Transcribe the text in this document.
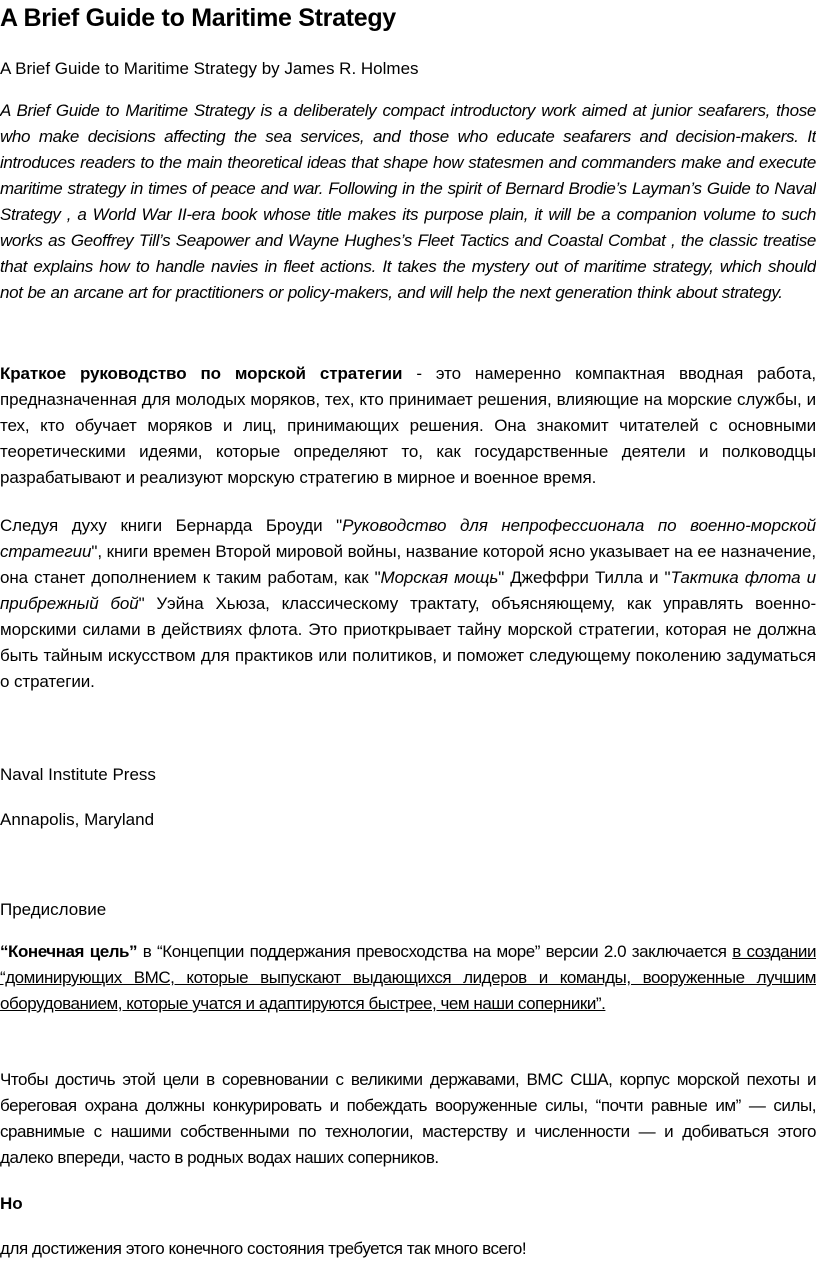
A Brief Guide to Maritime Strategy

A Brief Guide to Maritime Strategy by James R. Holmes

A Brief Guide to Maritime Strategy is a deliberately compact introductory work aimed at junior seafarers, those who make decisions affecting the sea services, and those who educate seafarers and decision-makers. It introduces readers to the main theoretical ideas that shape how statesmen and commanders make and execute maritime strategy in times of peace and war. Following in the spirit of Bernard Brodie’s Layman’s Guide to Naval Strategy , a World War II-era book whose title makes its purpose plain, it will be a companion volume to such works as Geoffrey Till’s Seapower and Wayne Hughes’s Fleet Tactics and Coastal Combat , the classic treatise that explains how to handle navies in fleet actions. It takes the mystery out of maritime strategy, which should not be an arcane art for practitioners or policy-makers, and will help the next generation think about strategy.

Краткое руководство по морской стратегии - это намеренно компактная вводная работа, предназначенная для молодых моряков, тех, кто принимает решения, влияющие на морские службы, и тех, кто обучает моряков и лиц, принимающих решения. Она знакомит читателей с основными теоретическими идеями, которые определяют то, как государственные деятели и полководцы разрабатывают и реализуют морскую стратегию в мирное и военное время.

Следуя духу книги Бернарда Броуди "Руководство для непрофессионала по военно-морской стратегии", книги времен Второй мировой войны, название которой ясно указывает на ее назначение, она станет дополнением к таким работам, как "Морская мощь" Джеффри Тилла и "Тактика флота и прибрежный бой" Уэйна Хьюза, классическому трактату, объясняющему, как управлять военно-морскими силами в действиях флота. Это приоткрывает тайну морской стратегии, которая не должна быть тайным искусством для практиков или политиков, и поможет следующему поколению задуматься о стратегии.

Naval Institute Press

Annapolis, Maryland

Предисловие

“Конечная цель” в “Концепции поддержания превосходства на море” версии 2.0 заключается в создании “доминирующих ВМС, которые выпускают выдающихся лидеров и команды, вооруженные лучшим оборудованием, которые учатся и адаптируются быстрее, чем наши соперники”.

Чтобы достичь этой цели в соревновании с великими державами, ВМС США, корпус морской пехоты и береговая охрана должны конкурировать и побеждать вооруженные силы, “почти равные им” — силы, сравнимые с нашими собственными по технологии, мастерству и численности — и добиваться этого далеко впереди, часто в родных водах наших соперников.

Но

для достижения этого конечного состояния требуется так много всего!
